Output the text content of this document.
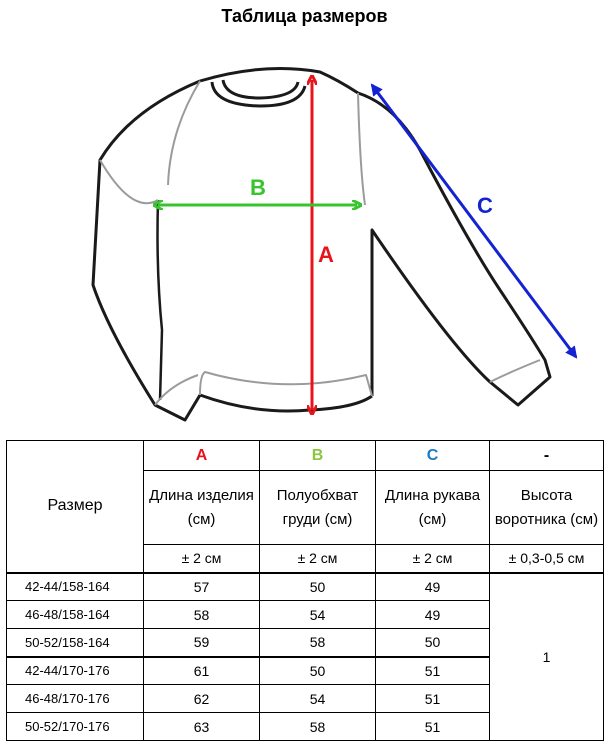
Таблица размеров
A
B
C
Размер	A	B	C	-
	Длина изделия (см)	Полуобхват груди (см)	Длина рукава (см)	Высота воротника (см)
	± 2 см	± 2 см	± 2 см	± 0,3-0,5 см
42-44/158-164	57	50	49	1
46-48/158-164	58	54	49	
50-52/158-164	59	58	50	
42-44/170-176	61	50	51	
46-48/170-176	62	54	51	
50-52/170-176	63	58	51	
